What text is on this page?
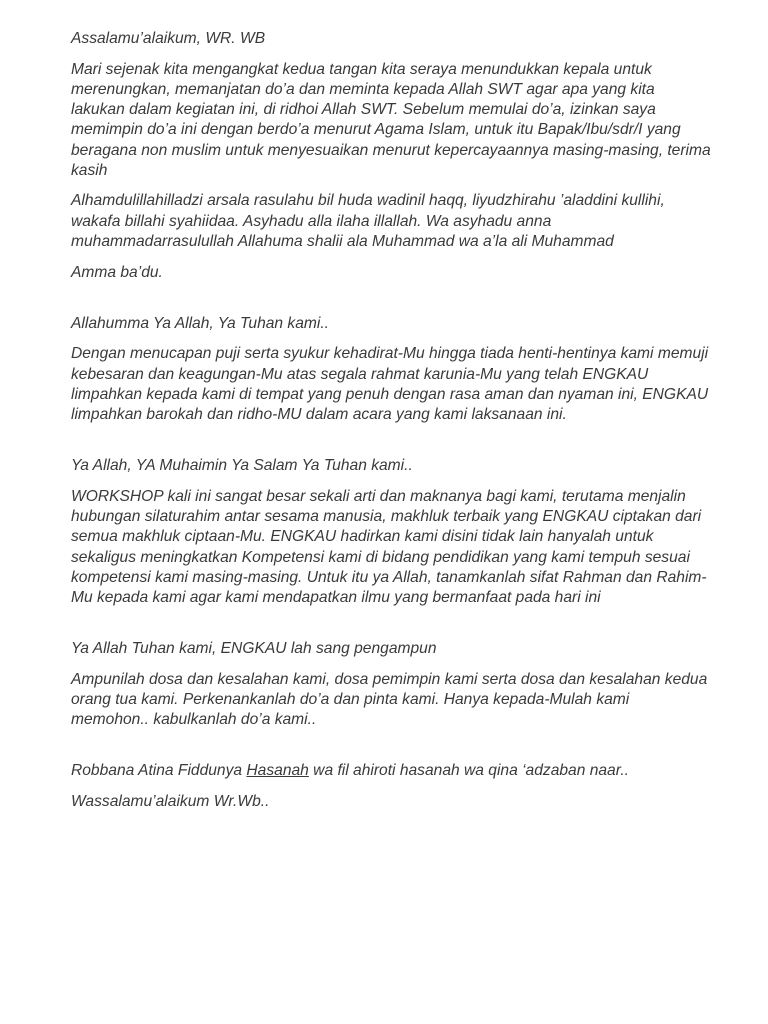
Assalamu’alaikum, WR. WB

Mari sejenak kita mengangkat kedua tangan kita seraya menundukkan kepala untuk merenungkan, memanjatan do’a dan meminta kepada Allah SWT agar apa yang kita lakukan dalam kegiatan ini, di ridhoi Allah SWT. Sebelum memulai do’a, izinkan saya memimpin do’a ini dengan berdo’a menurut Agama Islam, untuk itu Bapak/Ibu/sdr/I yang beragana non muslim untuk menyesuaikan menurut kepercayaannya masing-masing, terima kasih

Alhamdulillahilladzi arsala rasulahu bil huda wadinil haqq, liyudzhirahu ’aladdini kullihi, wakafa billahi syahiidaa. Asyhadu alla ilaha illallah. Wa asyhadu anna muhammadarrasulullah Allahuma shalii ala Muhammad wa a’la ali Muhammad

Amma ba’du.

Allahumma Ya Allah, Ya Tuhan kami..

Dengan menucapan puji serta syukur kehadirat-Mu hingga tiada henti-hentinya kami memuji kebesaran dan keagungan-Mu atas segala rahmat karunia-Mu yang telah ENGKAU limpahkan kepada kami di tempat yang penuh dengan rasa aman dan nyaman ini, ENGKAU limpahkan barokah dan ridho-MU dalam acara yang kami laksanaan ini.

Ya Allah, YA Muhaimin Ya Salam Ya Tuhan kami..

WORKSHOP kali ini sangat besar sekali arti dan maknanya bagi kami, terutama menjalin hubungan silaturahim antar sesama manusia, makhluk terbaik yang ENGKAU ciptakan dari semua makhluk ciptaan-Mu. ENGKAU hadirkan kami disini tidak lain hanyalah untuk sekaligus meningkatkan Kompetensi kami di bidang pendidikan yang kami tempuh sesuai kompetensi kami masing-masing. Untuk itu ya Allah, tanamkanlah sifat Rahman dan Rahim-Mu kepada kami agar kami mendapatkan ilmu yang bermanfaat pada hari ini

Ya Allah Tuhan kami, ENGKAU lah sang pengampun

Ampunilah dosa dan kesalahan kami, dosa pemimpin kami serta dosa dan kesalahan kedua orang tua kami. Perkenankanlah do’a dan pinta kami. Hanya kepada-Mulah kami memohon.. kabulkanlah do’a kami..

Robbana Atina Fiddunya Hasanah wa fil ahiroti hasanah wa qina ‘adzaban naar..

Wassalamu’alaikum Wr.Wb..
